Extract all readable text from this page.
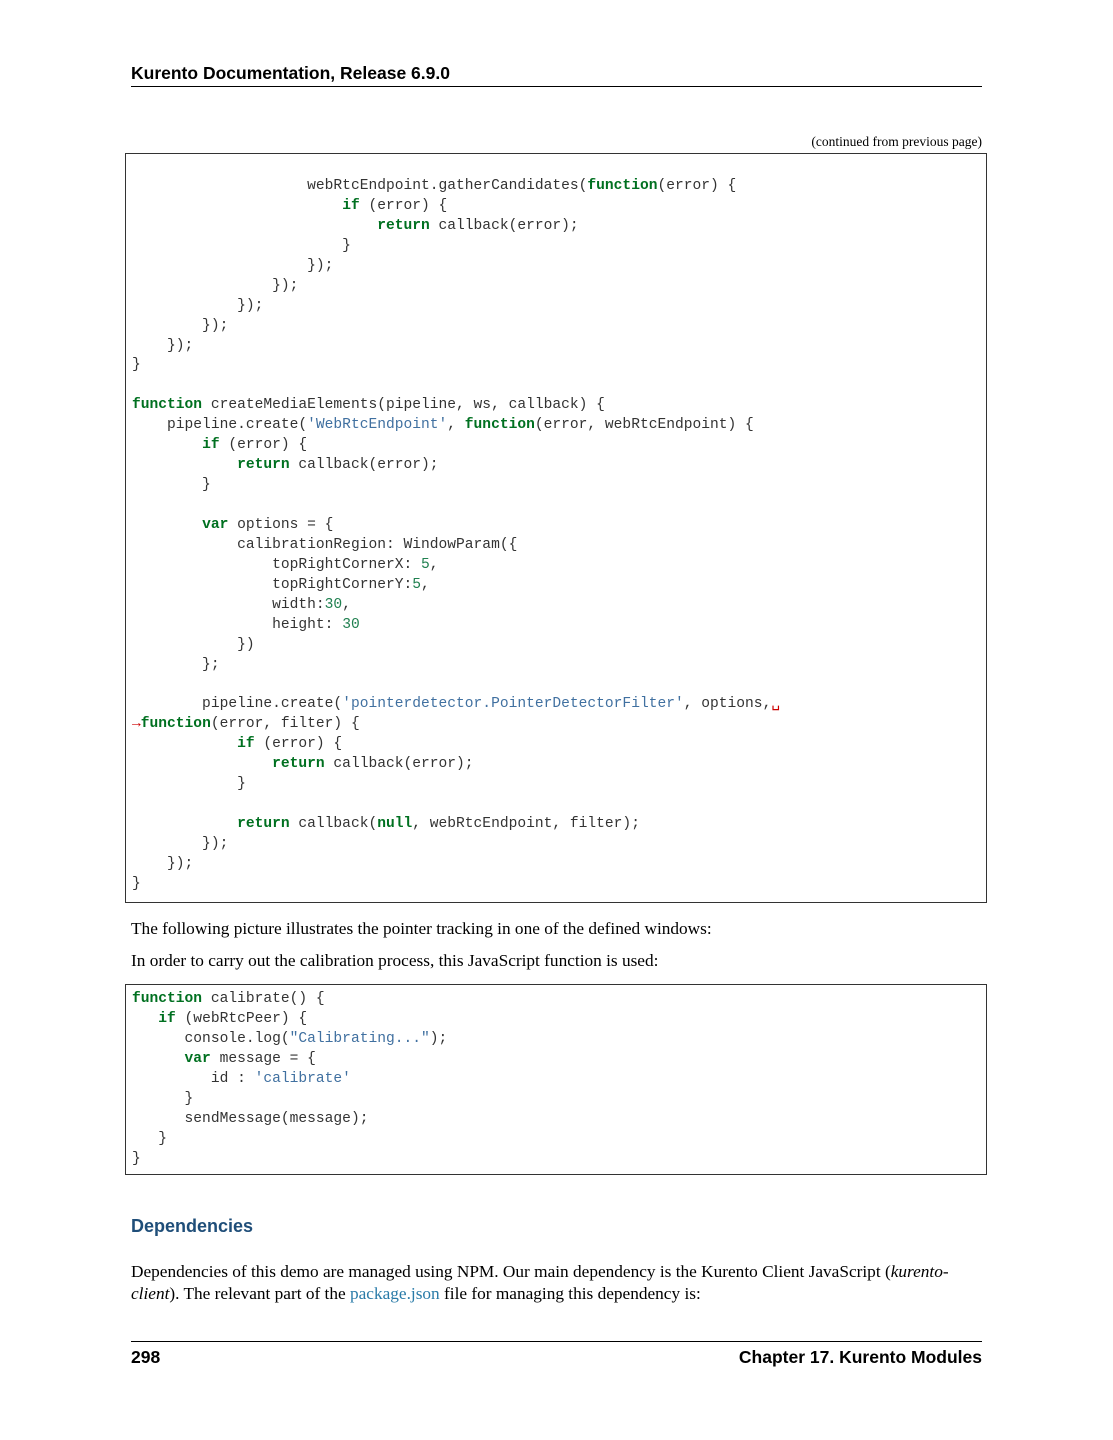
Kurento Documentation, Release 6.9.0
(continued from previous page)
webRtcEndpoint.gatherCandidates(function(error) {
if (error) {
return callback(error);
}
});
});
});
});
});
}

function createMediaElements(pipeline, ws, callback) {
pipeline.create('WebRtcEndpoint', function(error, webRtcEndpoint) {
if (error) {
return callback(error);
}

var options = {
calibrationRegion: WindowParam({
topRightCornerX: 5,
topRightCornerY:5,
width:30,
height: 30
})
};

pipeline.create('pointerdetector.PointerDetectorFilter', options,␣
→function(error, filter) {
if (error) {
return callback(error);
}

return callback(null, webRtcEndpoint, filter);
});
});
}

The following picture illustrates the pointer tracking in one of the defined windows:

In order to carry out the calibration process, this JavaScript function is used:

function calibrate() {
if (webRtcPeer) {
console.log("Calibrating...");
var message = {
id : 'calibrate'
}
sendMessage(message);
}
}
Dependencies

Dependencies of this demo are managed using NPM. Our main dependency is the Kurento Client JavaScript (kurento-client). The relevant part of the package.json file for managing this dependency is:

298	Chapter 17. Kurento Modules
